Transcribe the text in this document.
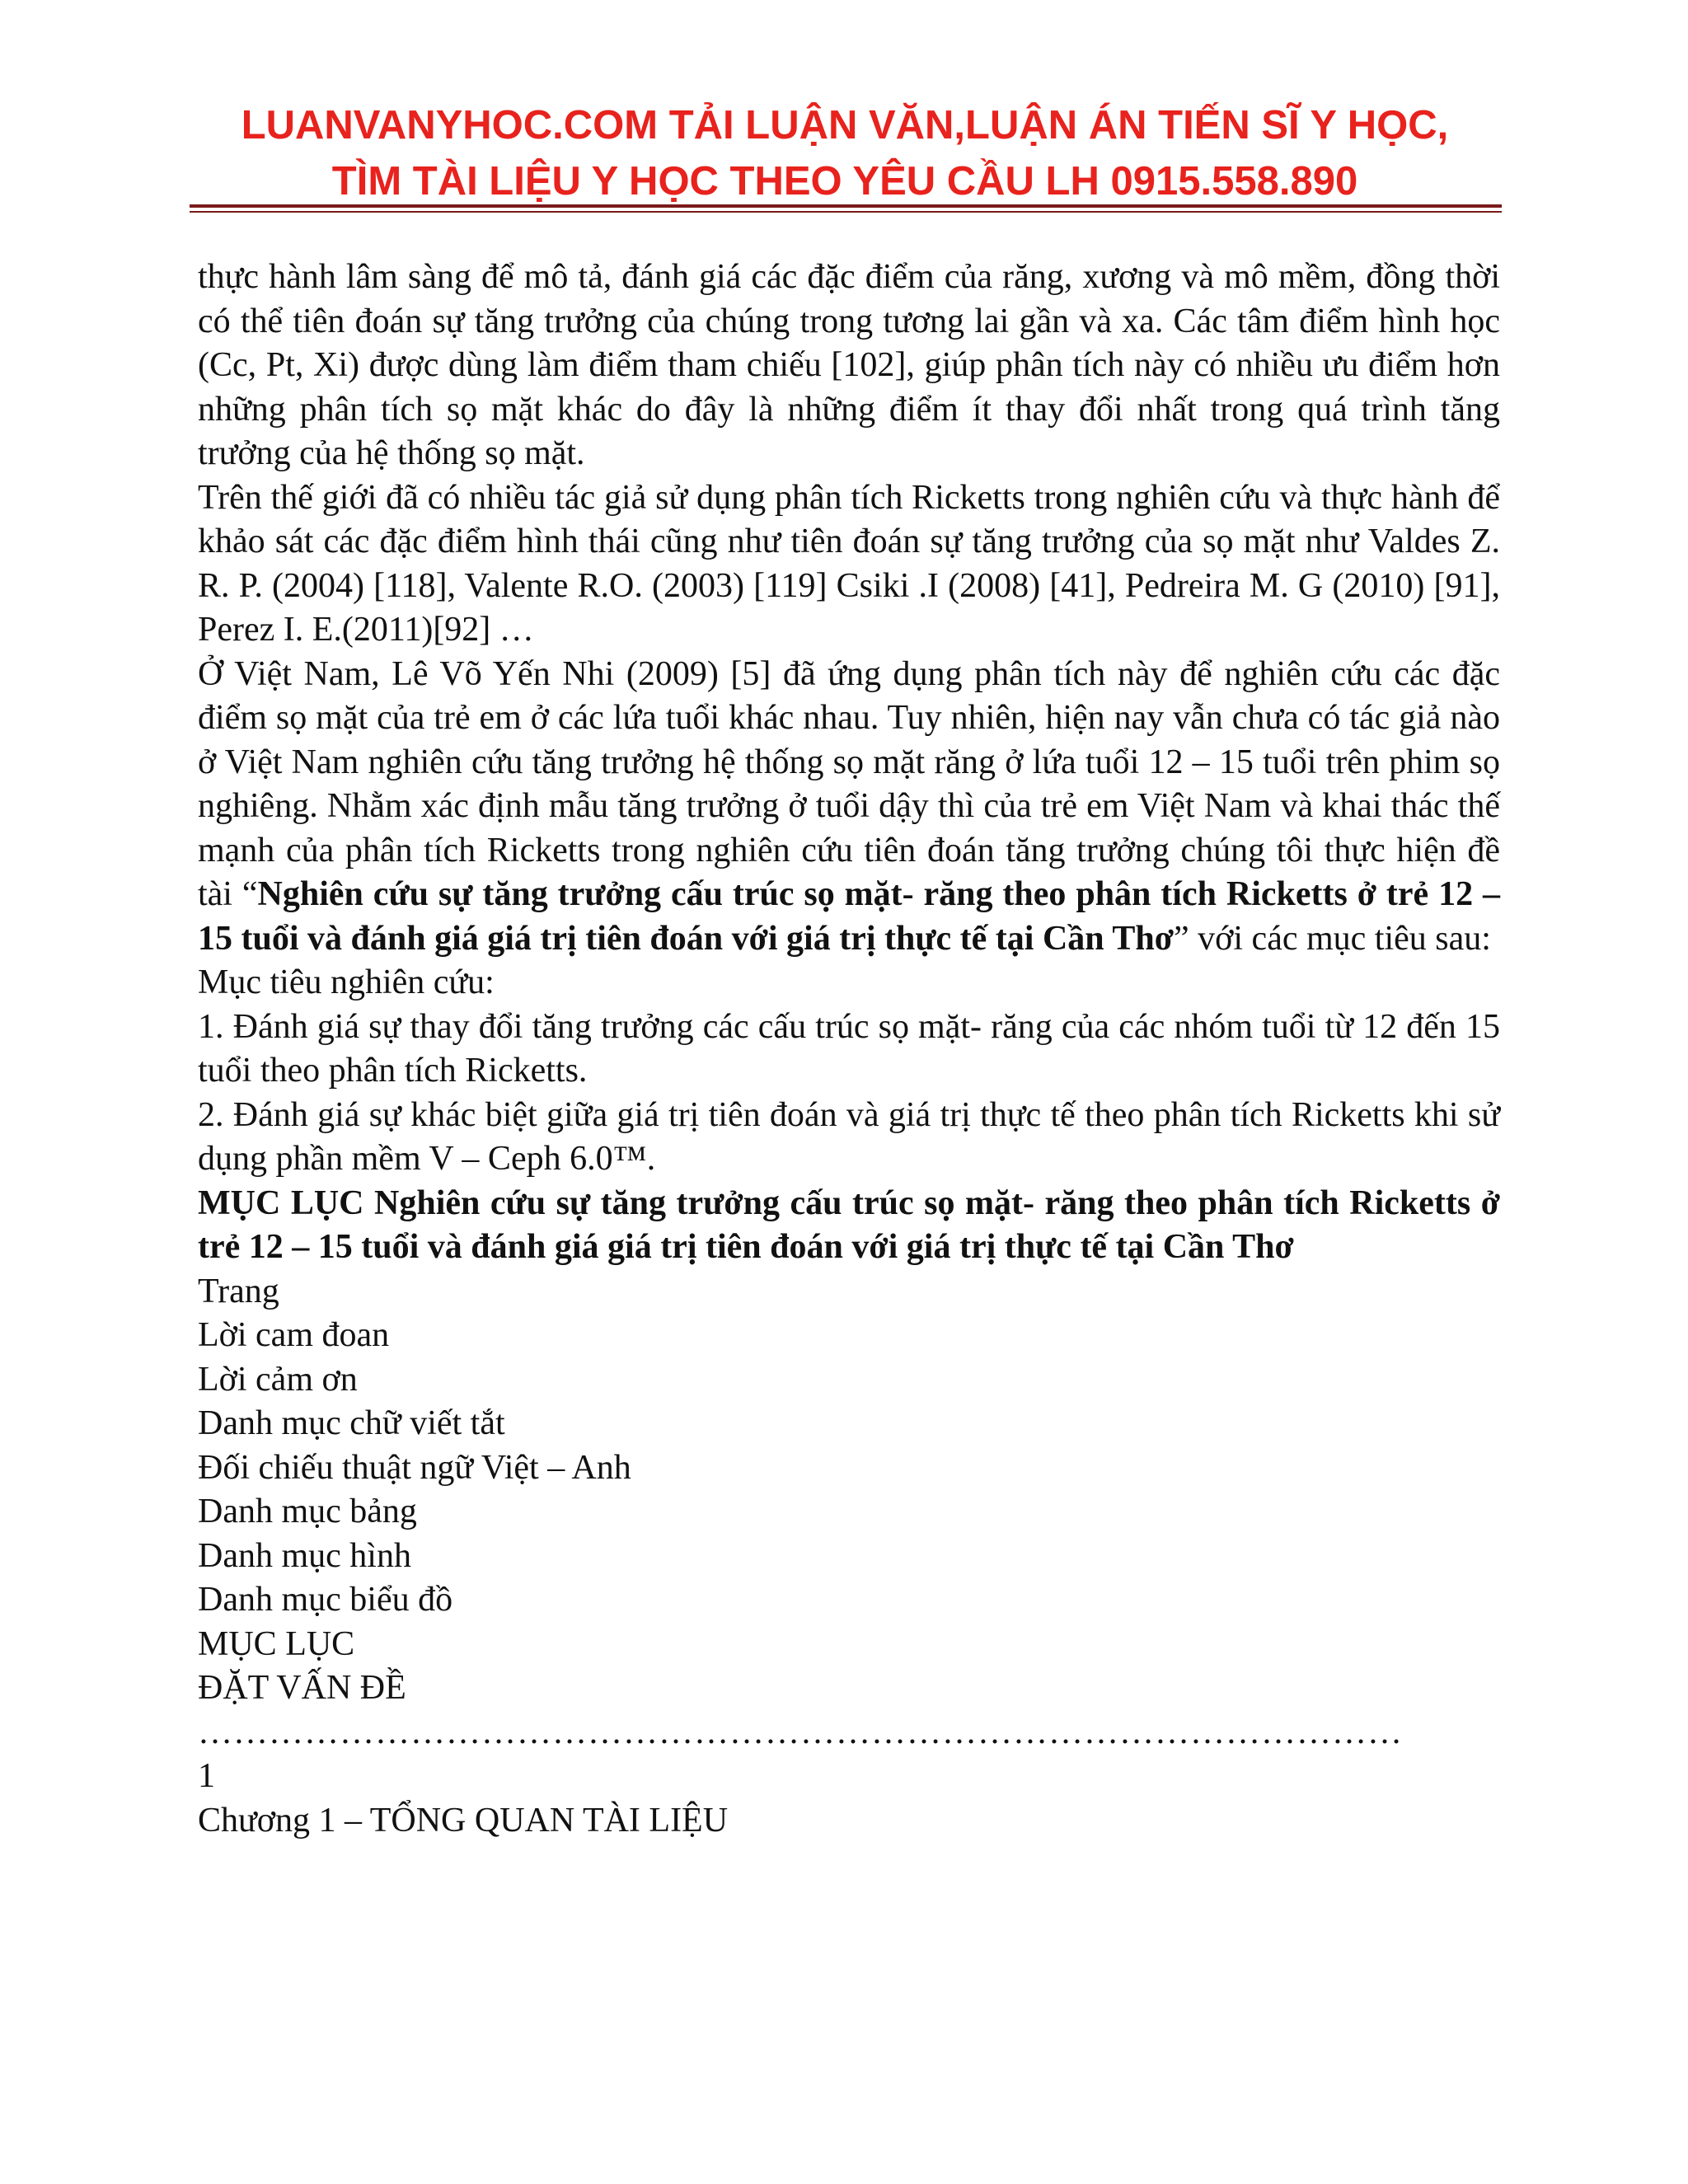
LUANVANYHOC.COM TẢI LUẬN VĂN,LUẬN ÁN TIẾN SĨ Y HỌC,
TÌM TÀI LIỆU Y HỌC THEO YÊU CẦU LH 0915.558.890

thực hành lâm sàng để mô tả, đánh giá các đặc điểm của răng, xương và mô mềm, đồng thời có thể tiên đoán sự tăng trưởng của chúng trong tương lai gần và xa. Các tâm điểm hình học (Cc, Pt, Xi) được dùng làm điểm tham chiếu [102], giúp phân tích này có nhiều ưu điểm hơn những phân tích sọ mặt khác do đây là những điểm ít thay đổi nhất trong quá trình tăng trưởng của hệ thống sọ mặt.

Trên thế giới đã có nhiều tác giả sử dụng phân tích Ricketts trong nghiên cứu và thực hành để khảo sát các đặc điểm hình thái cũng như tiên đoán sự tăng trưởng của sọ mặt như Valdes Z. R. P. (2004) [118], Valente R.O. (2003) [119] Csiki .I (2008) [41], Pedreira M. G (2010) [91], Perez I. E.(2011)[92] …

Ở Việt Nam, Lê Võ Yến Nhi (2009) [5] đã ứng dụng phân tích này để nghiên cứu các đặc điểm sọ mặt của trẻ em ở các lứa tuổi khác nhau. Tuy nhiên, hiện nay vẫn chưa có tác giả nào ở Việt Nam nghiên cứu tăng trưởng hệ thống sọ mặt răng ở lứa tuổi 12 – 15 tuổi trên phim sọ nghiêng. Nhằm xác định mẫu tăng trưởng ở tuổi dậy thì của trẻ em Việt Nam và khai thác thế mạnh của phân tích Ricketts trong nghiên cứu tiên đoán tăng trưởng chúng tôi thực hiện đề tài “Nghiên cứu sự tăng trưởng cấu trúc sọ mặt- răng theo phân tích Ricketts ở trẻ 12 – 15 tuổi và đánh giá giá trị tiên đoán với giá trị thực tế tại Cần Thơ” với các mục tiêu sau:

Mục tiêu nghiên cứu:

1. Đánh giá sự thay đổi tăng trưởng các cấu trúc sọ mặt- răng của các nhóm tuổi từ 12 đến 15 tuổi theo phân tích Ricketts.

2. Đánh giá sự khác biệt giữa giá trị tiên đoán và giá trị thực tế theo phân tích Ricketts khi sử dụng phần mềm V – Ceph 6.0™.

MỤC LỤC Nghiên cứu sự tăng trưởng cấu trúc sọ mặt- răng theo phân tích Ricketts ở trẻ 12 – 15 tuổi và đánh giá giá trị tiên đoán với giá trị thực tế tại Cần Thơ

Trang

Lời cam đoan

Lời cảm ơn

Danh mục chữ viết tắt

Đối chiếu thuật ngữ Việt – Anh

Danh mục bảng

Danh mục hình

Danh mục biểu đồ

MỤC LỤC

ĐẶT VẤN ĐỀ

…………………………………………………………………………………………

1

Chương 1 – TỔNG QUAN TÀI LIỆU
